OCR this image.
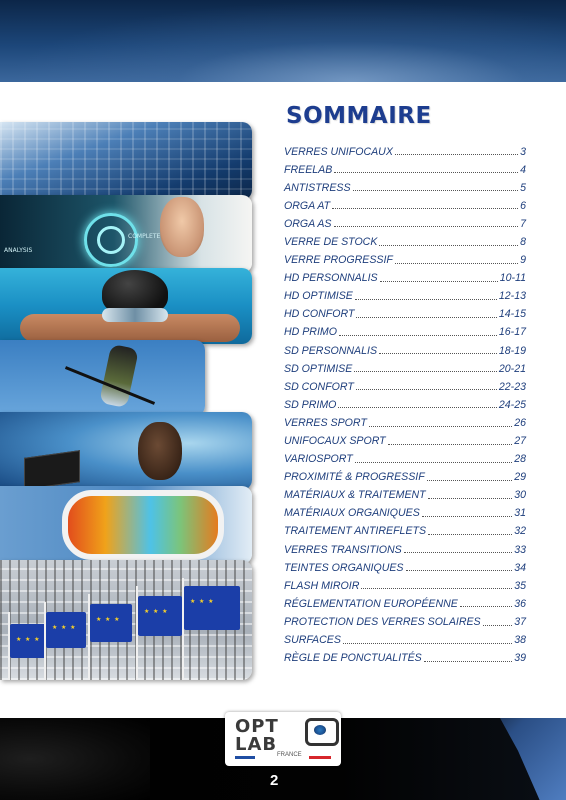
ANALYSIS
COMPLETE
★ ★ ★
★ ★ ★
★ ★ ★
★ ★ ★
★ ★ ★
SOMMAIRE
VERRES UNIFOCAUX	3
FREELAB	4
ANTISTRESS	5
ORGA AT	6
ORGA AS	7
VERRE DE STOCK	8
VERRE PROGRESSIF	9
HD PERSONNALIS	10-11
HD OPTIMISE	12-13
HD CONFORT	14-15
HD PRIMO	16-17
SD PERSONNALIS	18-19
SD OPTIMISE	20-21
SD CONFORT	22-23
SD PRIMO	24-25
VERRES SPORT	26
UNIFOCAUX SPORT	27
VARIOSPORT	28
PROXIMITÉ & PROGRESSIF	29
MATÉRIAUX & TRAITEMENT	30
MATÉRIAUX ORGANIQUES	31
TRAITEMENT ANTIREFLETS	32
VERRES TRANSITIONS	33
TEINTES ORGANIQUES	34
FLASH MIROIR	35
RÉGLEMENTATION EUROPÉENNE	36
PROTECTION DES VERRES SOLAIRES	37
SURFACES	38
RÈGLE DE PONCTUALITÉS	39
OPT
LAB FRANCE
2
